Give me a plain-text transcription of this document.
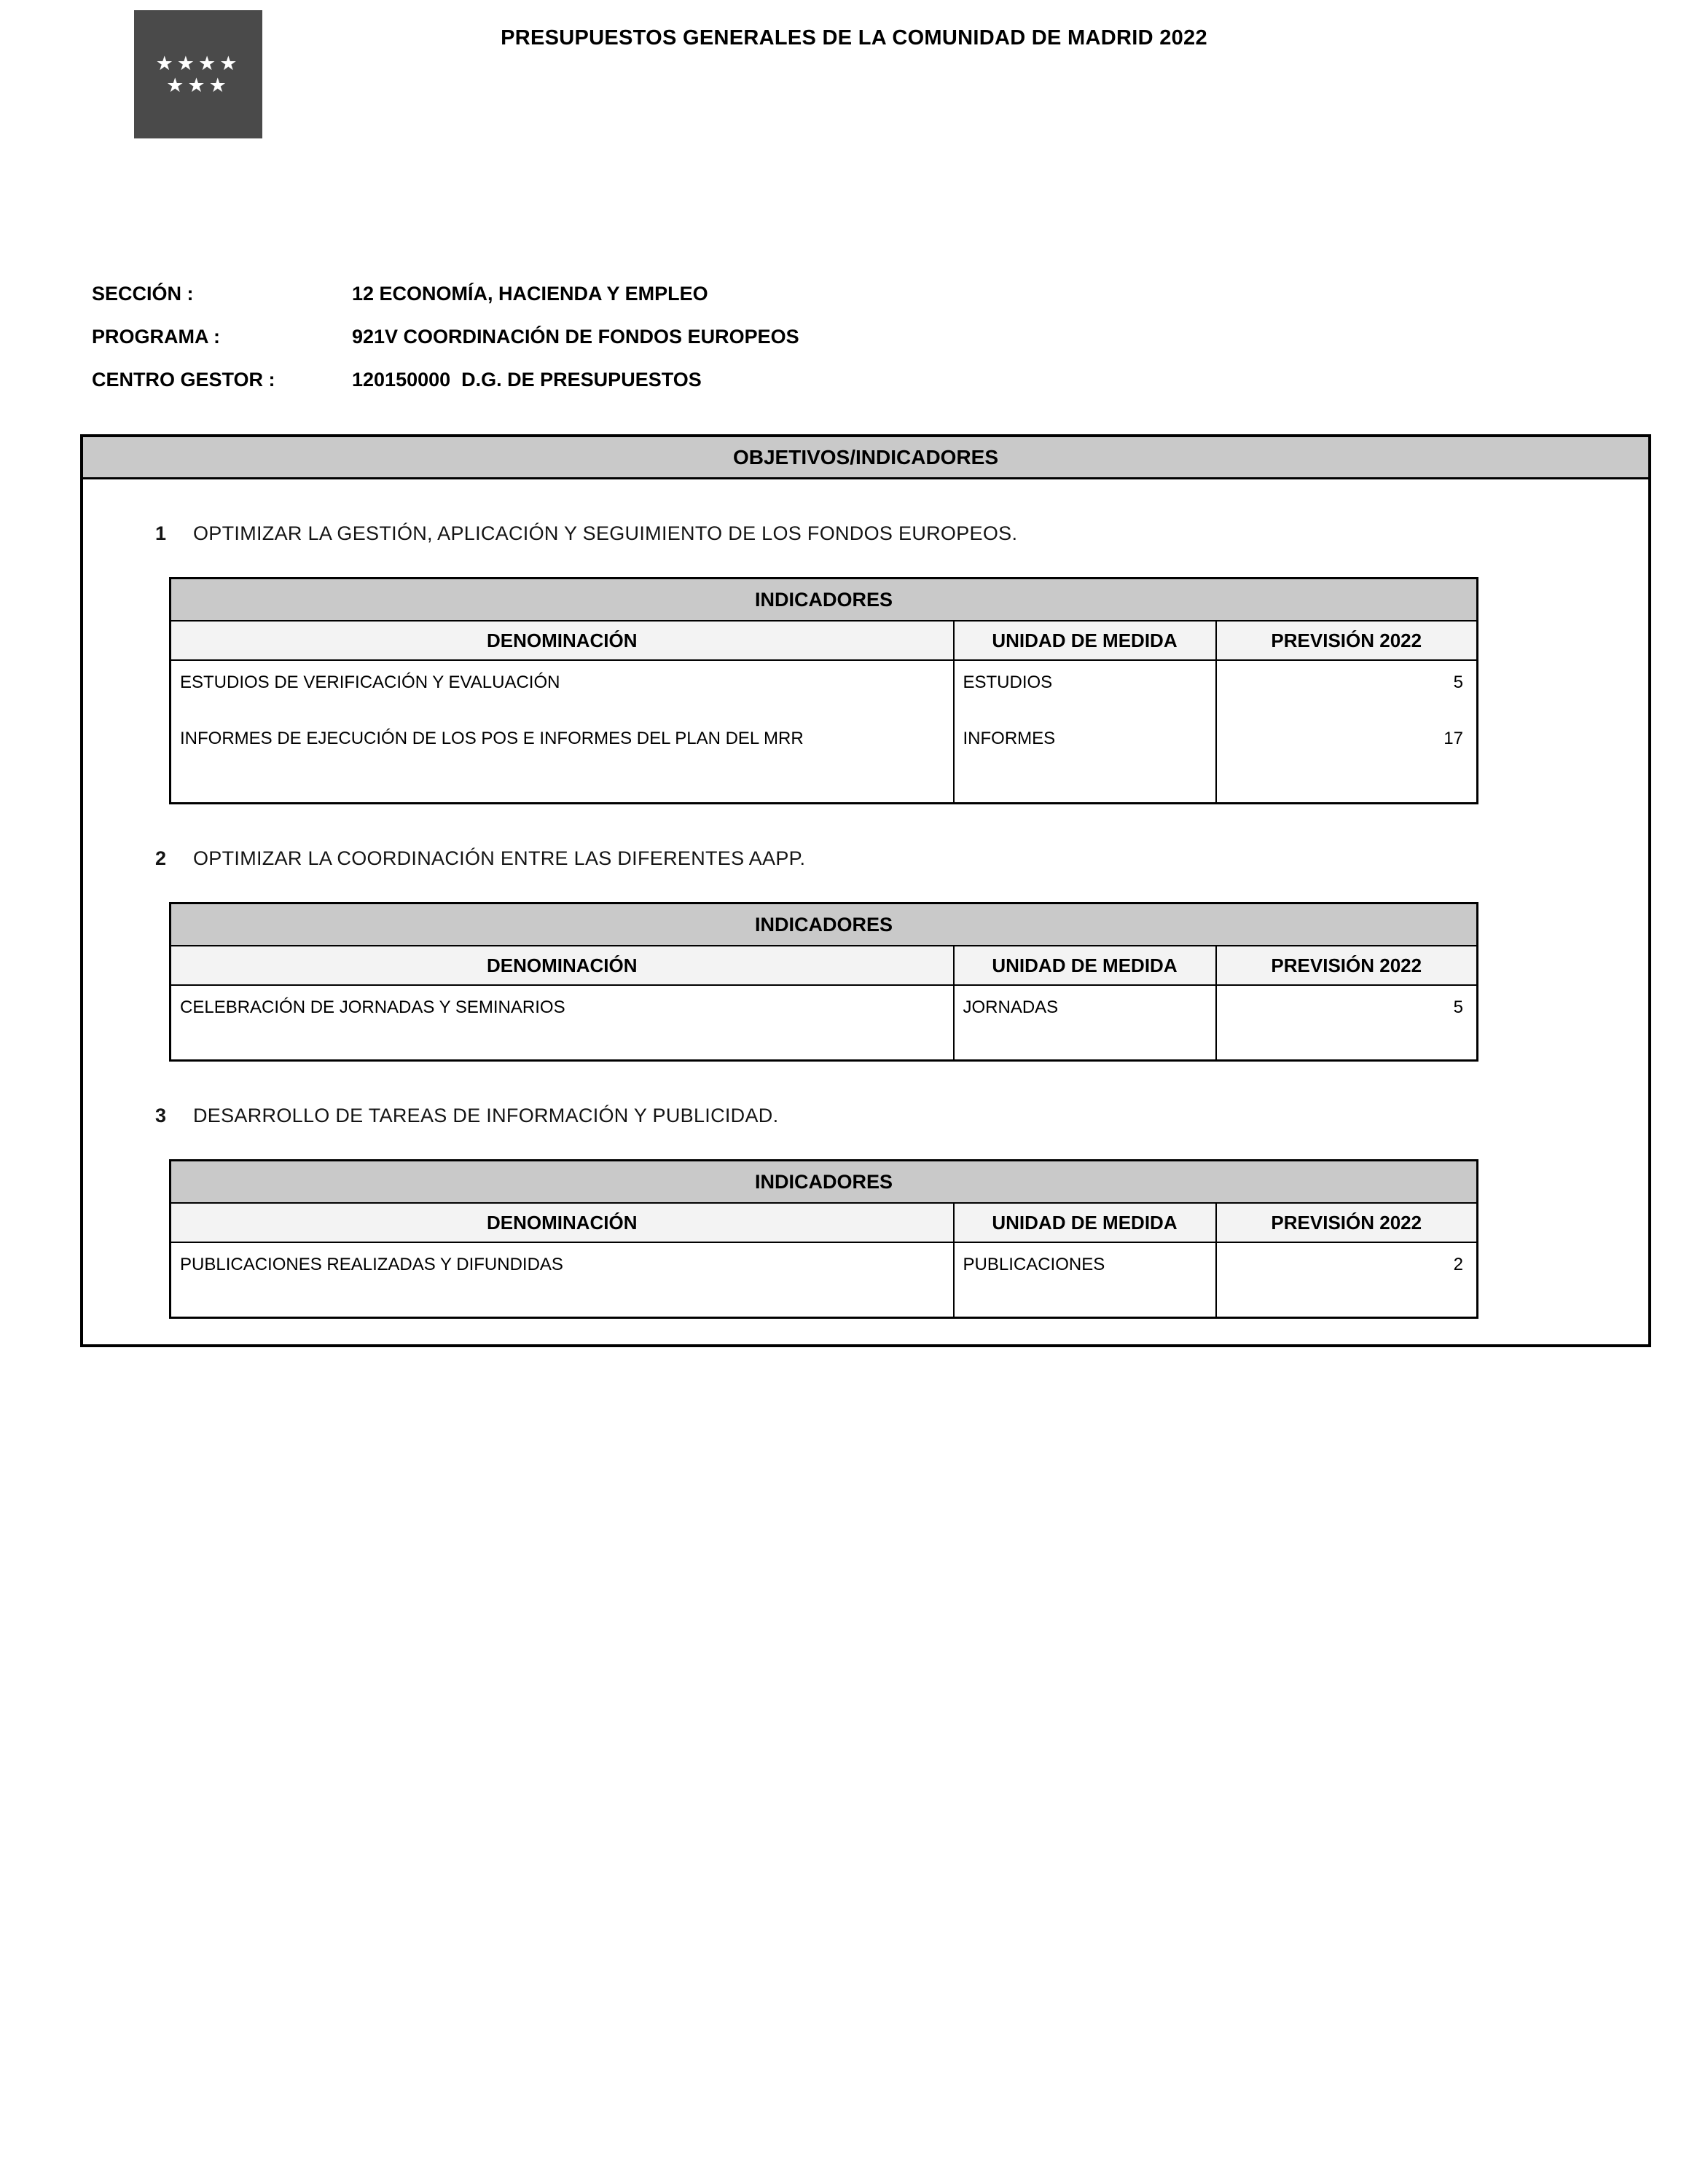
★★★★
★★★
PRESUPUESTOS GENERALES DE LA COMUNIDAD DE MADRID 2022
SECCIÓN :	12 ECONOMÍA, HACIENDA Y EMPLEO
PROGRAMA :	921V COORDINACIÓN DE FONDOS EUROPEOS
CENTRO GESTOR :	120150000  D.G. DE PRESUPUESTOS
OBJETIVOS/INDICADORES
1 OPTIMIZAR LA GESTIÓN, APLICACIÓN Y SEGUIMIENTO DE LOS FONDOS EUROPEOS.
INDICADORES		
DENOMINACIÓN	UNIDAD DE MEDIDA	PREVISIÓN 2022
ESTUDIOS DE VERIFICACIÓN Y EVALUACIÓN	ESTUDIOS	5
INFORMES DE EJECUCIÓN DE LOS POS E INFORMES DEL PLAN DEL MRR	INFORMES	17
2 OPTIMIZAR LA COORDINACIÓN ENTRE LAS DIFERENTES AAPP.
INDICADORES		
DENOMINACIÓN	UNIDAD DE MEDIDA	PREVISIÓN 2022
CELEBRACIÓN DE JORNADAS Y SEMINARIOS	JORNADAS	5
3 DESARROLLO DE TAREAS DE INFORMACIÓN Y PUBLICIDAD.
INDICADORES		
DENOMINACIÓN	UNIDAD DE MEDIDA	PREVISIÓN 2022
PUBLICACIONES REALIZADAS Y DIFUNDIDAS	PUBLICACIONES	2
